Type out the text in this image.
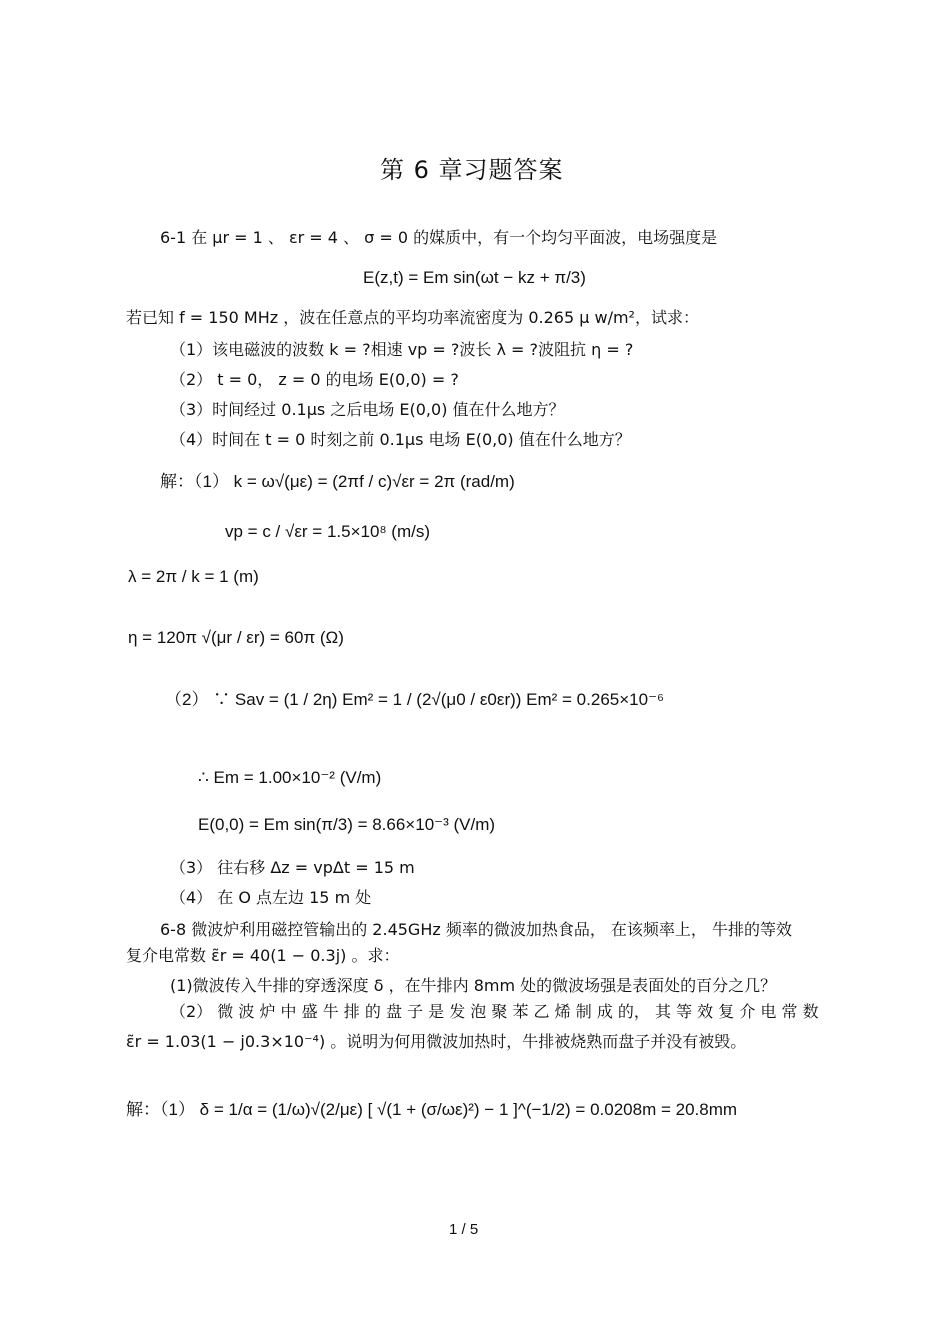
第 6 章习题答案
6-1 在 μr = 1 、 εr = 4 、 σ = 0 的媒质中，有一个均匀平面波，电场强度是
E(z,t) = Em sin(ωt − kz + π/3)
若已知 f = 150 MHz ，波在任意点的平均功率流密度为 0.265 μ w/m²，试求：
（1）该电磁波的波数 k = ?相速 vp = ?波长 λ = ?波阻抗 η = ?
（2） t = 0， z = 0 的电场 E(0,0) = ?
（3）时间经过 0.1μs 之后电场 E(0,0) 值在什么地方？
（4）时间在 t = 0 时刻之前 0.1μs 电场 E(0,0) 值在什么地方？
解：（1） k = ω√(με) = (2πf / c)√εr = 2π (rad/m)
vp = c / √εr = 1.5×10⁸ (m/s)
λ = 2π / k = 1 (m)
η = 120π √(μr / εr) = 60π (Ω)
（2） ∵ Sav = (1 / 2η) Em² = 1 / (2√(μ0 / ε0εr)) Em² = 0.265×10⁻⁶
∴ Em = 1.00×10⁻² (V/m)
E(0,0) = Em sin(π/3) = 8.66×10⁻³ (V/m)
（3） 往右移 Δz = vpΔt = 15 m
（4） 在 O 点左边 15 m 处
6-8 微波炉利用磁控管输出的 2.45GHz 频率的微波加热食品， 在该频率上， 牛排的等效
复介电常数 ε̃r = 40(1 − 0.3j) 。求：
(1)微波传入牛排的穿透深度 δ ，在牛排内 8mm 处的微波场强是表面处的百分之几？
（2） 微 波 炉 中 盛 牛 排 的 盘 子 是 发 泡 聚 苯 乙 烯 制 成 的， 其 等 效 复 介 电 常 数
ε̃r = 1.03(1 − j0.3×10⁻⁴) 。说明为何用微波加热时，牛排被烧熟而盘子并没有被毁。
解：（1） δ = 1/α = (1/ω)√(2/με) [ √(1 + (σ/ωε)²) − 1 ]^(−1/2) = 0.0208m = 20.8mm
1 / 5
